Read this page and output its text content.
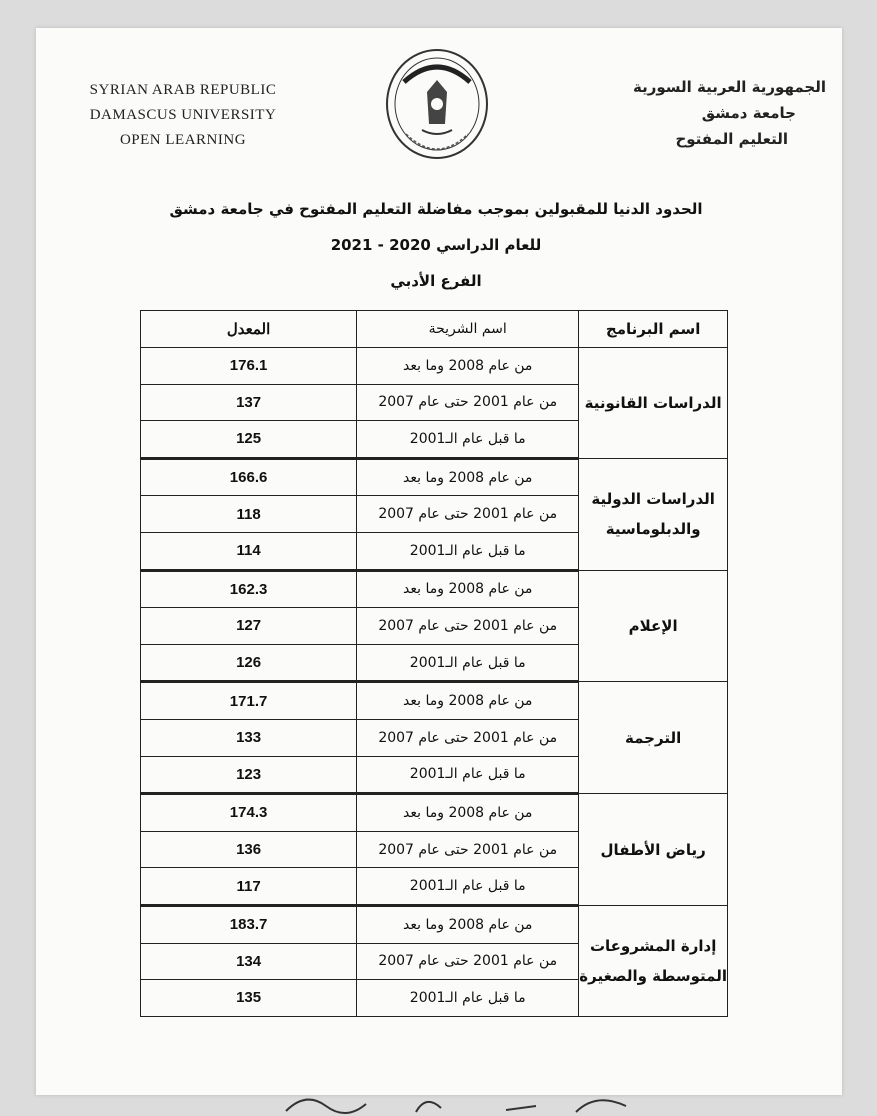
SYRIAN ARAB REPUBLIC
DAMASCUS UNIVERSITY
OPEN LEARNING
الجمهورية العربية السورية
جامعة دمشق
التعليم المفتوح
الحدود الدنيا للمقبولين بموجب مفاضلة التعليم المفتوح في جامعة دمشق
للعام الدراسي 2020 - 2021
الفرع الأدبي
اسم البرنامج	اسم الشريحة	المعدل
الدراسات القانونية	من عام 2008 وما بعد	176.1
	من عام 2001 حتى عام 2007	137
	ما قبل عام الـ2001	125
الدراسات الدولية والدبلوماسية	من عام 2008 وما بعد	166.6
	من عام 2001 حتى عام 2007	118
	ما قبل عام الـ2001	114
الإعلام	من عام 2008 وما بعد	162.3
	من عام 2001 حتى عام 2007	127
	ما قبل عام الـ2001	126
الترجمة	من عام 2008 وما بعد	171.7
	من عام 2001 حتى عام 2007	133
	ما قبل عام الـ2001	123
رياض الأطفال	من عام 2008 وما بعد	174.3
	من عام 2001 حتى عام 2007	136
	ما قبل عام الـ2001	117
إدارة المشروعات المتوسطة والصغيرة	من عام 2008 وما بعد	183.7
	من عام 2001 حتى عام 2007	134
	ما قبل عام الـ2001	135
